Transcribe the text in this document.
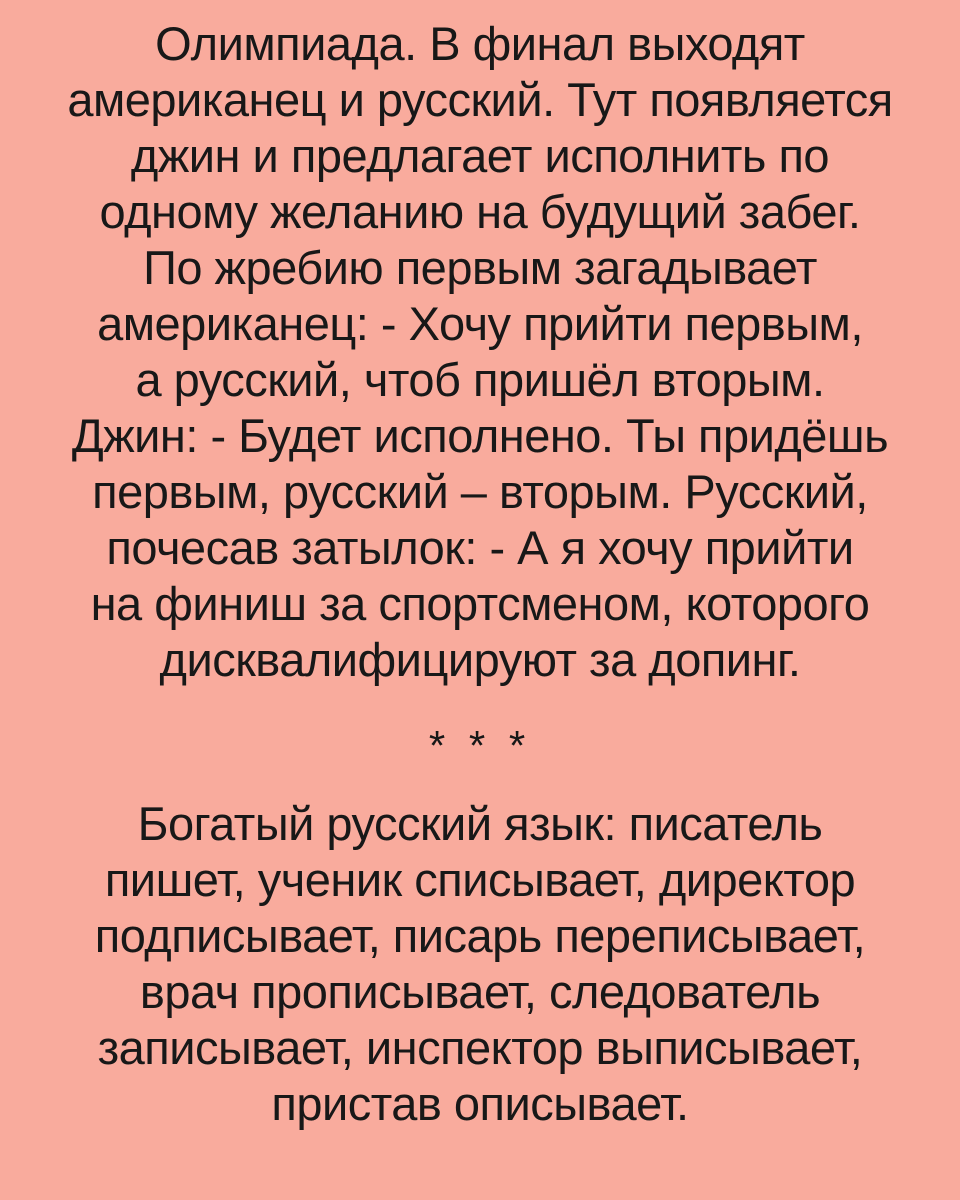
Олимпиада. В финал выходят
американец и русский. Тут появляется
джин и предлагает исполнить по
одному желанию на будущий забег.
По жребию первым загадывает
американец: - Хочу прийти первым,
а русский, чтоб пришёл вторым.
Джин: - Будет исполнено. Ты придёшь
первым, русский – вторым. Русский,
почесав затылок: - А я хочу прийти
на финиш за спортсменом, которого
дисквалифицируют за допинг.
* * *
Богатый русский язык: писатель
пишет, ученик списывает, директор
подписывает, писарь переписывает,
врач прописывает, следователь
записывает, инспектор выписывает,
пристав описывает.
